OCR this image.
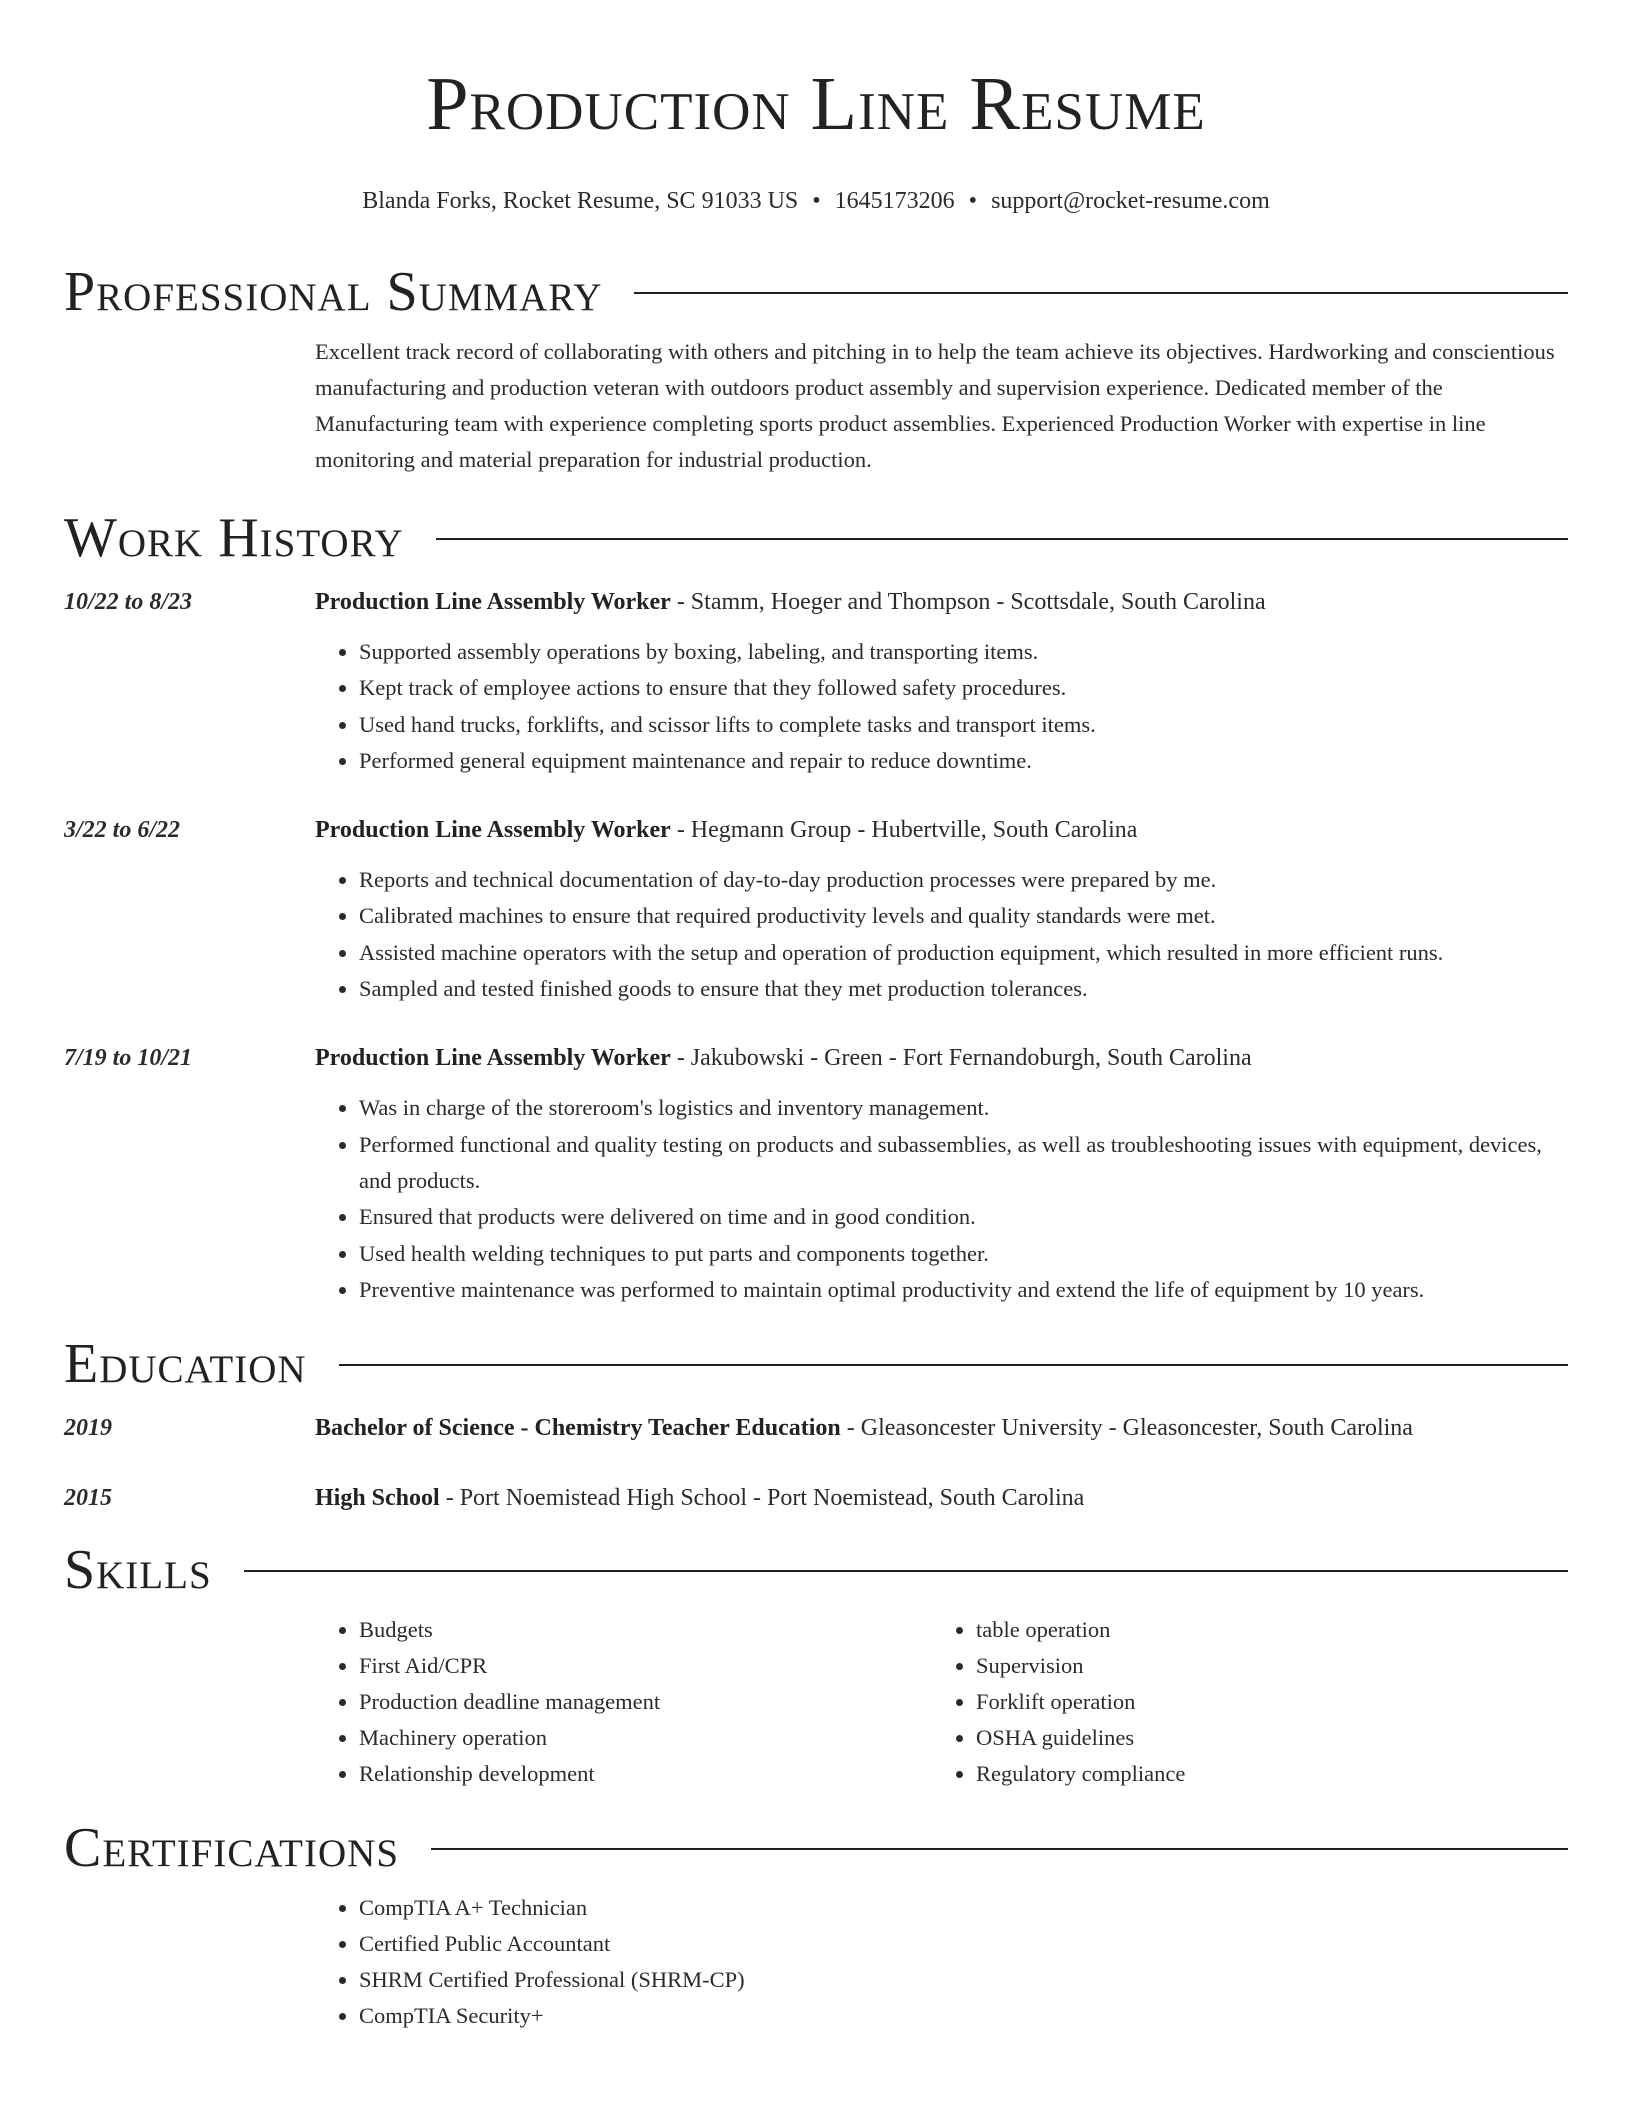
Production Line Resume
Blanda Forks, Rocket Resume, SC 91033 US • 1645173206 • support@rocket-resume.com
Professional Summary
Excellent track record of collaborating with others and pitching in to help the team achieve its objectives. Hardworking and conscientious manufacturing and production veteran with outdoors product assembly and supervision experience. Dedicated member of the Manufacturing team with experience completing sports product assemblies. Experienced Production Worker with expertise in line monitoring and material preparation for industrial production.
Work History
10/22 to 8/23	Production Line Assembly Worker - Stamm, Hoeger and Thompson - Scottsdale, South Carolina
• Supported assembly operations by boxing, labeling, and transporting items.
• Kept track of employee actions to ensure that they followed safety procedures.
• Used hand trucks, forklifts, and scissor lifts to complete tasks and transport items.
• Performed general equipment maintenance and repair to reduce downtime.
3/22 to 6/22	Production Line Assembly Worker - Hegmann Group - Hubertville, South Carolina
• Reports and technical documentation of day-to-day production processes were prepared by me.
• Calibrated machines to ensure that required productivity levels and quality standards were met.
• Assisted machine operators with the setup and operation of production equipment, which resulted in more efficient runs.
• Sampled and tested finished goods to ensure that they met production tolerances.
7/19 to 10/21	Production Line Assembly Worker - Jakubowski - Green - Fort Fernandoburgh, South Carolina
• Was in charge of the storeroom's logistics and inventory management.
• Performed functional and quality testing on products and subassemblies, as well as troubleshooting issues with equipment, devices, and products.
• Ensured that products were delivered on time and in good condition.
• Used health welding techniques to put parts and components together.
• Preventive maintenance was performed to maintain optimal productivity and extend the life of equipment by 10 years.
Education
2019	Bachelor of Science - Chemistry Teacher Education - Gleasoncester University - Gleasoncester, South Carolina
2015	High School - Port Noemistead High School - Port Noemistead, South Carolina
Skills
• Budgets
• First Aid/CPR
• Production deadline management
• Machinery operation
• Relationship development
• table operation
• Supervision
• Forklift operation
• OSHA guidelines
• Regulatory compliance
Certifications
• CompTIA A+ Technician
• Certified Public Accountant
• SHRM Certified Professional (SHRM-CP)
• CompTIA Security+
